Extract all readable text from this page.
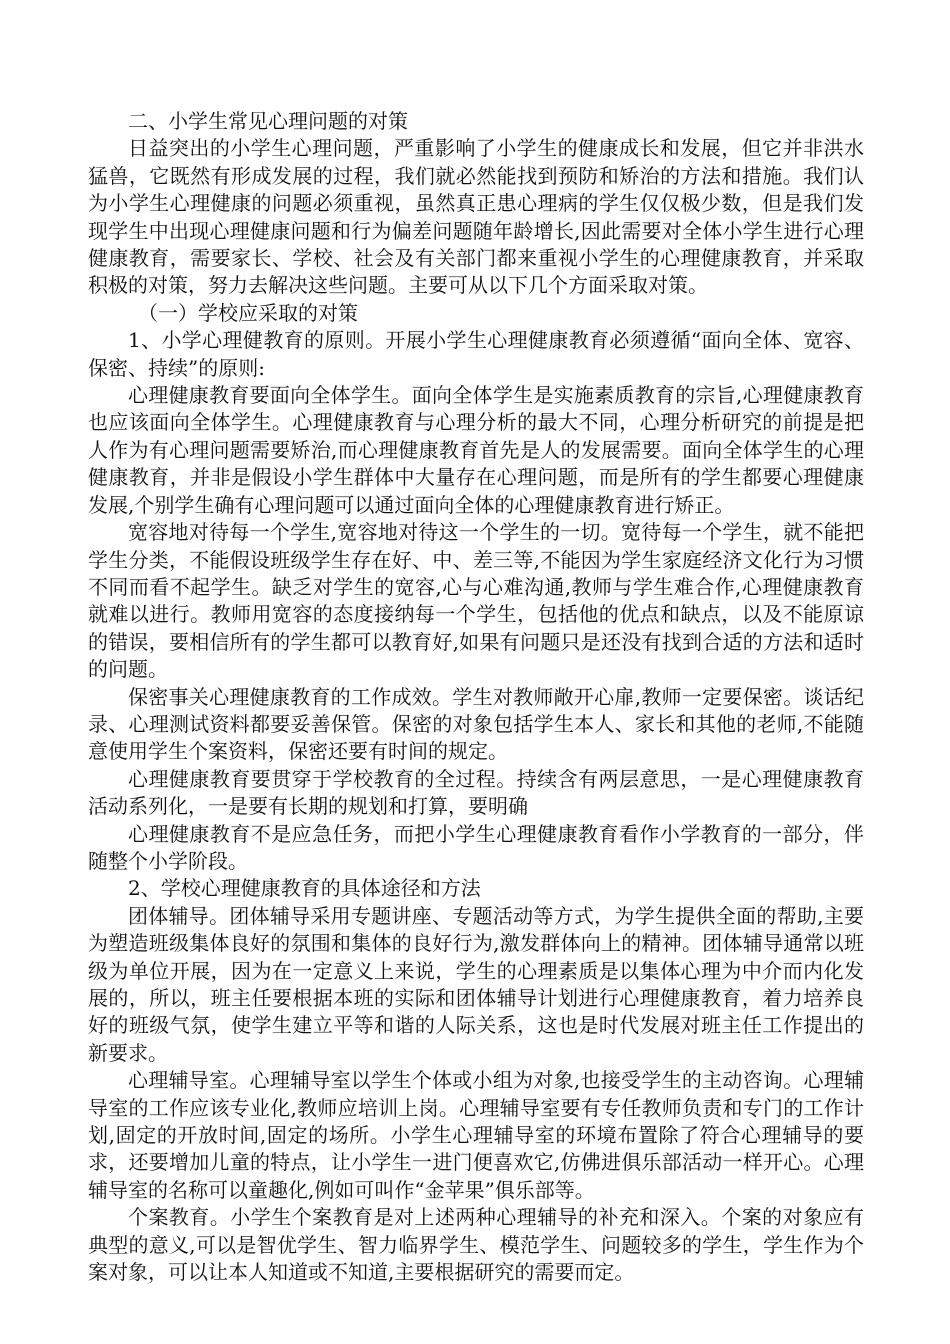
二、小学生常见心理问题的对策

日益突出的小学生心理问题，严重影响了小学生的健康成长和发展，但它并非洪水猛兽，它既然有形成发展的过程，我们就必然能找到预防和矫治的方法和措施。我们认为小学生心理健康的问题必须重视，虽然真正患心理病的学生仅仅极少数，但是我们发现学生中出现心理健康问题和行为偏差问题随年龄增长,因此需要对全体小学生进行心理健康教育，需要家长、学校、社会及有关部门都来重视小学生的心理健康教育，并采取积极的对策，努力去解决这些问题。主要可从以下几个方面采取对策。

（一）学校应采取的对策

1、小学心理健教育的原则。开展小学生心理健康教育必须遵循“面向全体、宽容、保密、持续”的原则:

心理健康教育要面向全体学生。面向全体学生是实施素质教育的宗旨,心理健康教育也应该面向全体学生。心理健康教育与心理分析的最大不同，心理分析研究的前提是把人作为有心理问题需要矫治,而心理健康教育首先是人的发展需要。面向全体学生的心理健康教育，并非是假设小学生群体中大量存在心理问题，而是所有的学生都要心理健康发展,个别学生确有心理问题可以通过面向全体的心理健康教育进行矫正。

宽容地对待每一个学生,宽容地对待这一个学生的一切。宽待每一个学生，就不能把学生分类，不能假设班级学生存在好、中、差三等,不能因为学生家庭经济文化行为习惯不同而看不起学生。缺乏对学生的宽容,心与心难沟通,教师与学生难合作,心理健康教育就难以进行。教师用宽容的态度接纳每一个学生，包括他的优点和缺点，以及不能原谅的错误，要相信所有的学生都可以教育好,如果有问题只是还没有找到合适的方法和适时的问题。

保密事关心理健康教育的工作成效。学生对教师敞开心扉,教师一定要保密。谈话纪录、心理测试资料都要妥善保管。保密的对象包括学生本人、家长和其他的老师,不能随意使用学生个案资料，保密还要有时间的规定。

心理健康教育要贯穿于学校教育的全过程。持续含有两层意思，一是心理健康教育活动系列化，一是要有长期的规划和打算，要明确

心理健康教育不是应急任务，而把小学生心理健康教育看作小学教育的一部分，伴随整个小学阶段。

2、学校心理健康教育的具体途径和方法

团体辅导。团体辅导采用专题讲座、专题活动等方式，为学生提供全面的帮助,主要为塑造班级集体良好的氛围和集体的良好行为,激发群体向上的精神。团体辅导通常以班级为单位开展，因为在一定意义上来说，学生的心理素质是以集体心理为中介而内化发展的，所以，班主任要根据本班的实际和团体辅导计划进行心理健康教育，着力培养良好的班级气氛，使学生建立平等和谐的人际关系，这也是时代发展对班主任工作提出的新要求。

心理辅导室。心理辅导室以学生个体或小组为对象,也接受学生的主动咨询。心理辅导室的工作应该专业化,教师应培训上岗。心理辅导室要有专任教师负责和专门的工作计划,固定的开放时间,固定的场所。小学生心理辅导室的环境布置除了符合心理辅导的要求，还要增加儿童的特点，让小学生一进门便喜欢它,仿佛进俱乐部活动一样开心。心理辅导室的名称可以童趣化,例如可叫作“金苹果”俱乐部等。

个案教育。小学生个案教育是对上述两种心理辅导的补充和深入。个案的对象应有典型的意义,可以是智优学生、智力临界学生、模范学生、问题较多的学生，学生作为个案对象，可以让本人知道或不知道,主要根据研究的需要而定。
